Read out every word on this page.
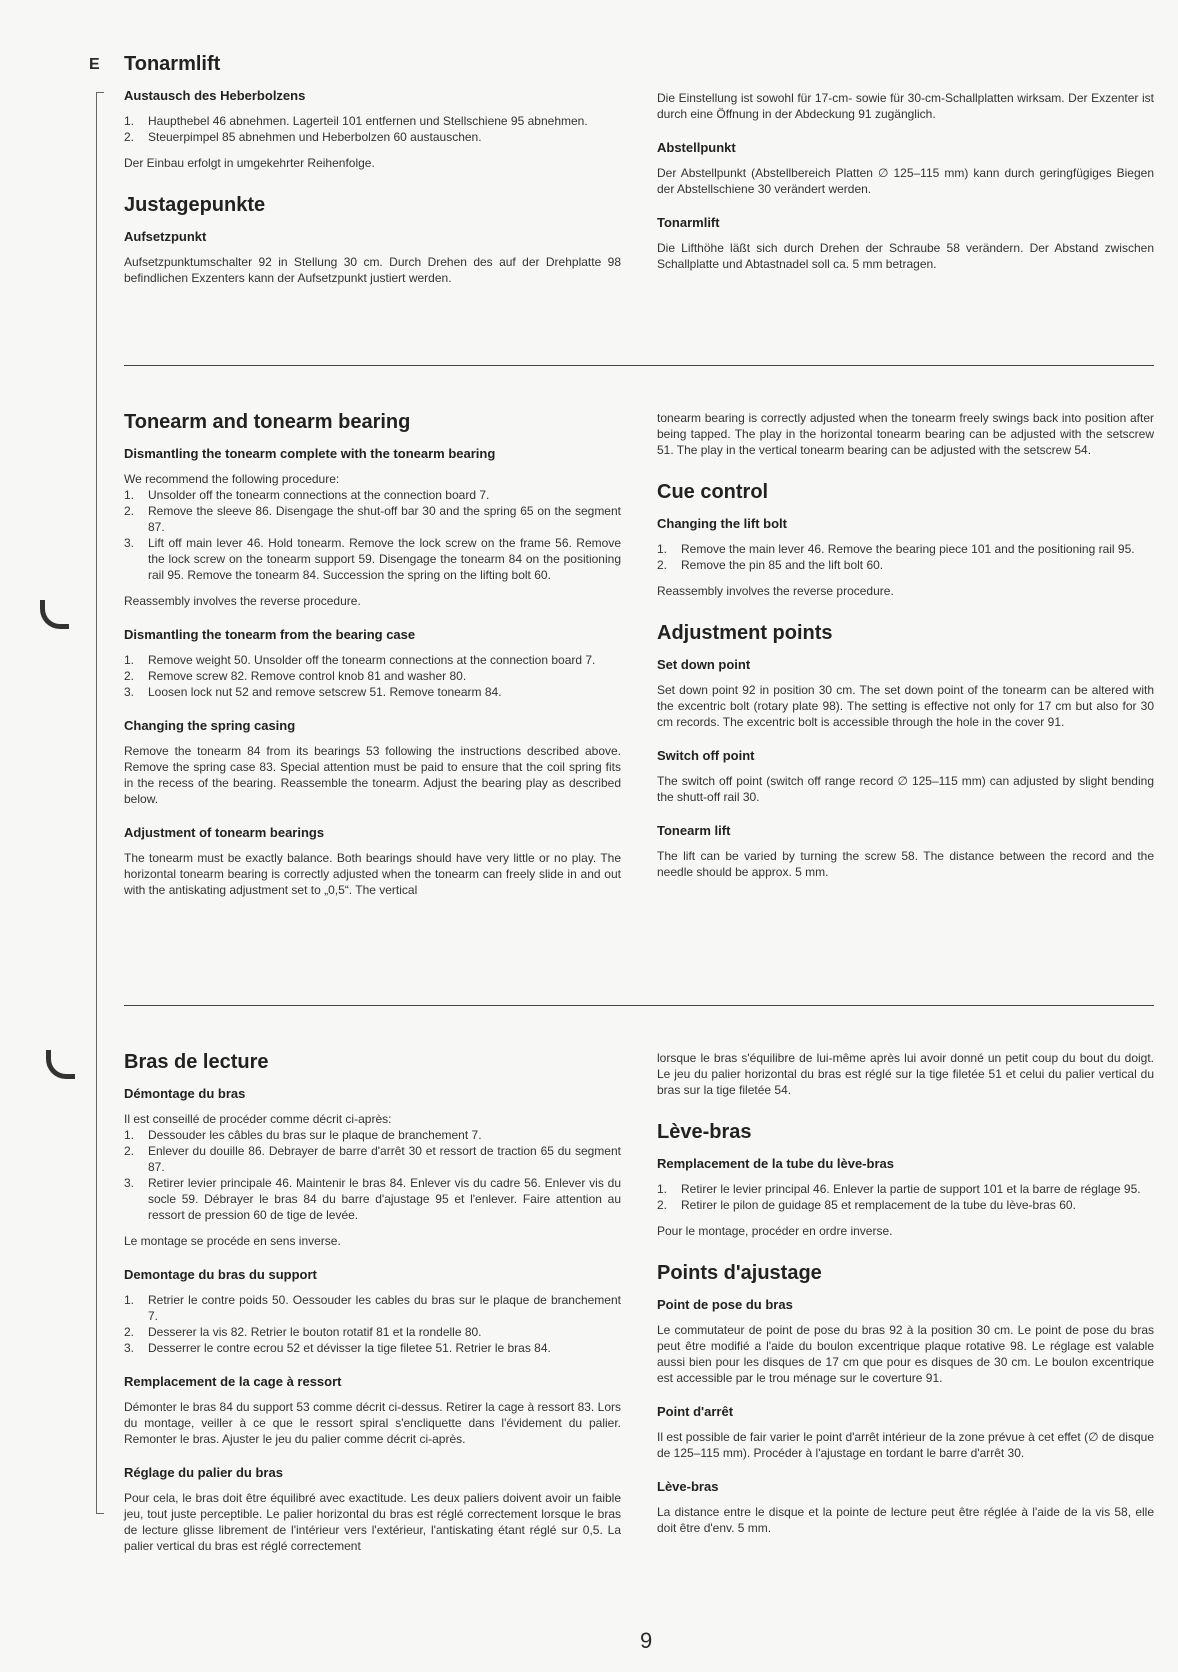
E Tonarmlift
Austausch des Heberbolzens
1. Haupthebel 46 abnehmen. Lagerteil 101 entfernen und Stellschiene 95 abnehmen.
2. Steuerpimpel 85 abnehmen und Heberbolzen 60 austauschen.
Der Einbau erfolgt in umgekehrter Reihenfolge.
Justagepunkte
Aufsetzpunkt
Aufsetzpunktumschalter 92 in Stellung 30 cm. Durch Drehen des auf der Drehplatte 98 befindlichen Exzenters kann der Aufsetzpunkt justiert werden.
Die Einstellung ist sowohl für 17-cm- sowie für 30-cm-Schallplatten wirksam. Der Exzenter ist durch eine Öffnung in der Abdeckung 91 zugänglich.
Abstellpunkt
Der Abstellpunkt (Abstellbereich Platten ∅ 125–115 mm) kann durch geringfügiges Biegen der Abstellschiene 30 verändert werden.
Tonarmlift
Die Lifthöhe läßt sich durch Drehen der Schraube 58 verändern. Der Abstand zwischen Schallplatte und Abtastnadel soll ca. 5 mm betragen.
Tonearm and tonearm bearing
Dismantling the tonearm complete with the tonearm bearing
We recommend the following procedure:
1. Unsolder off the tonearm connections at the connection board 7.
2. Remove the sleeve 86. Disengage the shut-off bar 30 and the spring 65 on the segment 87.
3. Lift off main lever 46. Hold tonearm. Remove the lock screw on the frame 56. Remove the lock screw on the tonearm support 59. Disengage the tonearm 84 on the positioning rail 95. Remove the tonearm 84. Succession the spring on the lifting bolt 60.
Reassembly involves the reverse procedure.
Dismantling the tonearm from the bearing case
1. Remove weight 50. Unsolder off the tonearm connections at the connection board 7.
2. Remove screw 82. Remove control knob 81 and washer 80.
3. Loosen lock nut 52 and remove setscrew 51. Remove tonearm 84.
Changing the spring casing
Remove the tonearm 84 from its bearings 53 following the instructions described above. Remove the spring case 83. Special attention must be paid to ensure that the coil spring fits in the recess of the bearing. Reassemble the tonearm. Adjust the bearing play as described below.
Adjustment of tonearm bearings
The tonearm must be exactly balance. Both bearings should have very little or no play. The horizontal tonearm bearing is correctly adjusted when the tonearm can freely slide in and out with the antiskating adjustment set to „0,5“. The vertical
tonearm bearing is correctly adjusted when the tonearm freely swings back into position after being tapped. The play in the horizontal tonearm bearing can be adjusted with the setscrew 51. The play in the vertical tonearm bearing can be adjusted with the setscrew 54.
Cue control
Changing the lift bolt
1. Remove the main lever 46. Remove the bearing piece 101 and the positioning rail 95.
2. Remove the pin 85 and the lift bolt 60.
Reassembly involves the reverse procedure.
Adjustment points
Set down point
Set down point 92 in position 30 cm. The set down point of the tonearm can be altered with the excentric bolt (rotary plate 98). The setting is effective not only for 17 cm but also for 30 cm records. The excentric bolt is accessible through the hole in the cover 91.
Switch off point
The switch off point (switch off range record ∅ 125–115 mm) can adjusted by slight bending the shutt-off rail 30.
Tonearm lift
The lift can be varied by turning the screw 58. The distance between the record and the needle should be approx. 5 mm.
Bras de lecture
Démontage du bras
Il est conseillé de procéder comme décrit ci-après:
1. Dessouder les câbles du bras sur le plaque de branchement 7.
2. Enlever du douille 86. Debrayer de barre d'arrêt 30 et ressort de traction 65 du segment 87.
3. Retirer levier principale 46. Maintenir le bras 84. Enlever vis du cadre 56. Enlever vis du socle 59. Débrayer le bras 84 du barre d'ajustage 95 et l'enlever. Faire attention au ressort de pression 60 de tige de levée.
Le montage se procéde en sens inverse.
Demontage du bras du support
1. Retrier le contre poids 50. Oessouder les cables du bras sur le plaque de branchement 7.
2. Desserer la vis 82. Retrier le bouton rotatif 81 et la rondelle 80.
3. Desserrer le contre ecrou 52 et dévisser la tige filetee 51. Retrier le bras 84.
Remplacement de la cage à ressort
Démonter le bras 84 du support 53 comme décrit ci-dessus. Retirer la cage à ressort 83. Lors du montage, veiller à ce que le ressort spiral s'encliquette dans l'évidement du palier. Remonter le bras. Ajuster le jeu du palier comme décrit ci-après.
Réglage du palier du bras
Pour cela, le bras doit être équilibré avec exactitude. Les deux paliers doivent avoir un faible jeu, tout juste perceptible. Le palier horizontal du bras est réglé correctement lorsque le bras de lecture glisse librement de l'intérieur vers l'extérieur, l'antiskating étant réglé sur 0,5. La palier vertical du bras est réglé correctement
lorsque le bras s'équilibre de lui-même après lui avoir donné un petit coup du bout du doigt. Le jeu du palier horizontal du bras est réglé sur la tige filetée 51 et celui du palier vertical du bras sur la tige filetée 54.
Lève-bras
Remplacement de la tube du lève-bras
1. Retirer le levier principal 46. Enlever la partie de support 101 et la barre de réglage 95.
2. Retirer le pilon de guidage 85 et remplacement de la tube du lève-bras 60.
Pour le montage, procéder en ordre inverse.
Points d'ajustage
Point de pose du bras
Le commutateur de point de pose du bras 92 à la position 30 cm. Le point de pose du bras peut être modifié a l'aide du boulon excentrique plaque rotative 98. Le réglage est valable aussi bien pour les disques de 17 cm que pour es disques de 30 cm. Le boulon excentrique est accessible par le trou ménage sur le coverture 91.
Point d'arrêt
Il est possible de fair varier le point d'arrêt intérieur de la zone prévue à cet effet (∅ de disque de 125–115 mm). Procéder à l'ajustage en tordant le barre d'arrêt 30.
Lève-bras
La distance entre le disque et la pointe de lecture peut être réglée à l'aide de la vis 58, elle doit être d'env. 5 mm.
9
